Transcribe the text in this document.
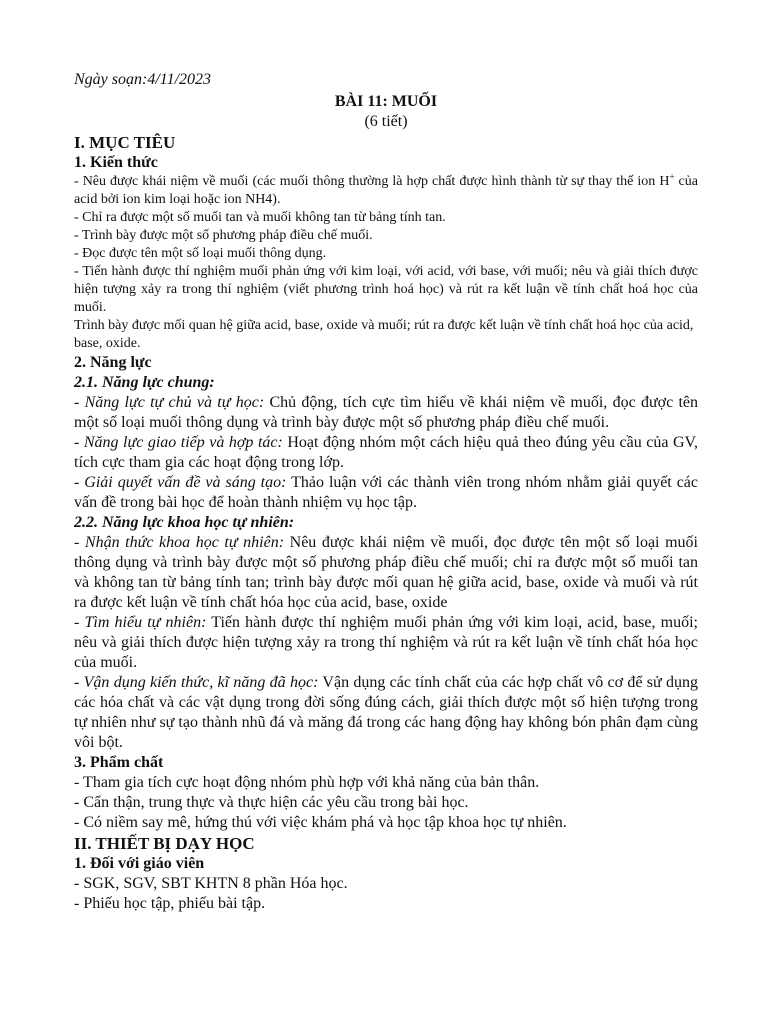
Ngày soạn:4/11/2023

BÀI 11: MUỐI

(6 tiết)

I. MỤC TIÊU

1. Kiến thức

- Nêu được khái niệm về muối (các muối thông thường là hợp chất được hình thành từ sự thay thế ion H+ của acid bởi ion kim loại hoặc ion NH4).

- Chỉ ra được một số muối tan và muối không tan từ bảng tính tan.

- Trình bày được một số phương pháp điều chế muối.

- Đọc được tên một số loại muối thông dụng.

- Tiến hành được thí nghiệm muối phản ứng với kim loại, với acid, với base, với muối; nêu và giải thích được hiện tượng xảy ra trong thí nghiệm (viết phương trình hoá học) và rút ra kết luận về tính chất hoá học của muối.

Trình bày được mối quan hệ giữa acid, base, oxide và muối; rút ra được kết luận về tính chất hoá học của acid, base, oxide.

2. Năng lực

2.1. Năng lực chung:

- Năng lực tự chủ và tự học: Chủ động, tích cực tìm hiểu về khái niệm về muối, đọc được tên một số loại muối thông dụng và trình bày được một số phương pháp điều chế muối.

- Năng lực giao tiếp và hợp tác: Hoạt động nhóm một cách hiệu quả theo đúng yêu cầu của GV, tích cực tham gia các hoạt động trong lớp.

- Giải quyết vấn đề và sáng tạo: Thảo luận với các thành viên trong nhóm nhằm giải quyết các vấn đề trong bài học để hoàn thành nhiệm vụ học tập.

2.2. Năng lực khoa học tự nhiên:

- Nhận thức khoa học tự nhiên: Nêu được khái niệm về muối, đọc được tên một số loại muối thông dụng và trình bày được một số phương pháp điều chế muối; chỉ ra được một số muối tan và không tan từ bảng tính tan; trình bày được mối quan hệ giữa acid, base, oxide và muối và rút ra được kết luận về tính chất hóa học của acid, base, oxide

- Tìm hiểu tự nhiên: Tiến hành được thí nghiệm muối phản ứng với kim loại, acid, base, muối; nêu và giải thích được hiện tượng xảy ra trong thí nghiệm và rút ra kết luận về tính chất hóa học của muối.

- Vận dụng kiến thức, kĩ năng đã học: Vận dụng các tính chất của các hợp chất vô cơ để sử dụng các hóa chất và các vật dụng trong đời sống đúng cách, giải thích được một số hiện tượng trong tự nhiên như sự tạo thành nhũ đá và măng đá trong các hang động hay không bón phân đạm cùng vôi bột.

3. Phẩm chất

- Tham gia tích cực hoạt động nhóm phù hợp với khả năng của bản thân.

- Cẩn thận, trung thực và thực hiện các yêu cầu trong bài học.

- Có niềm say mê, hứng thú với việc khám phá và học tập khoa học tự nhiên.

II. THIẾT BỊ DẠY HỌC

1. Đối với giáo viên

- SGK, SGV, SBT KHTN 8 phần Hóa học.

- Phiếu học tập, phiếu bài tập.
